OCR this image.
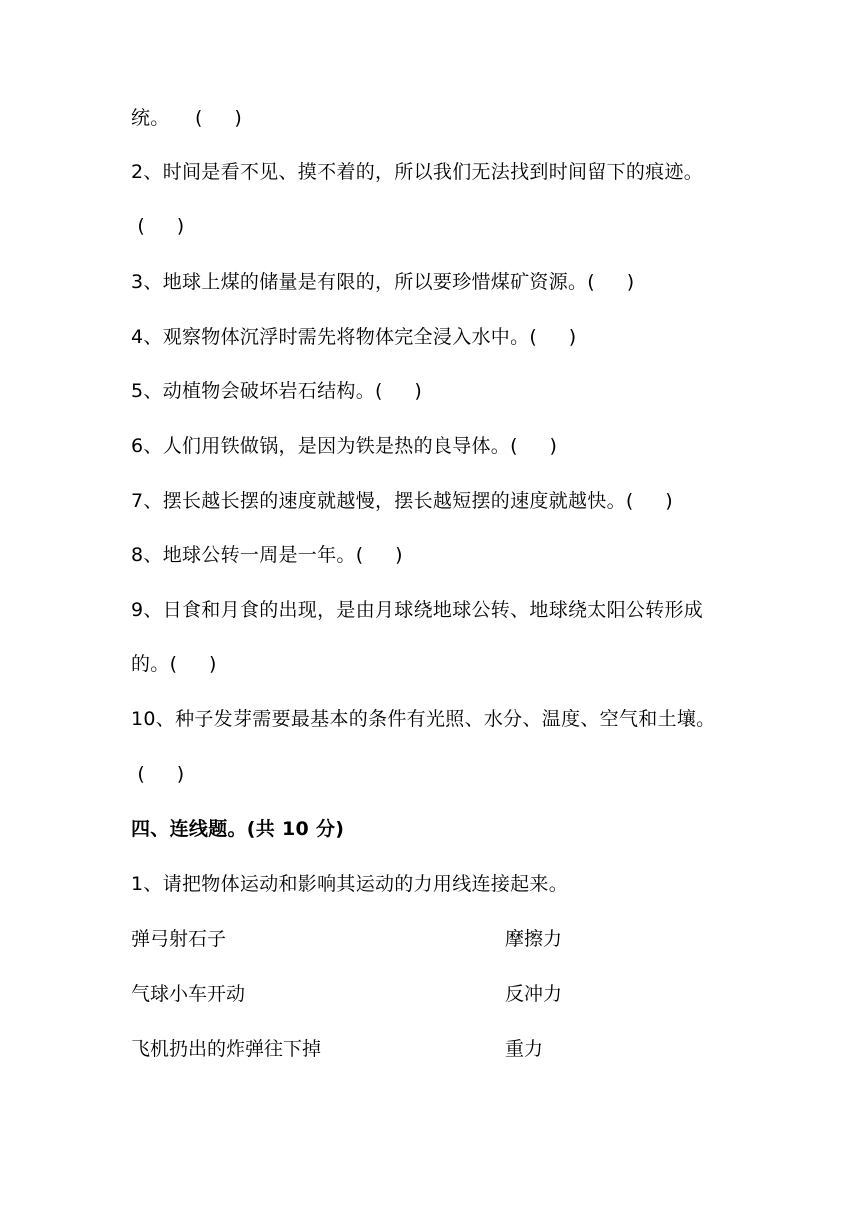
统。    (     )
2、时间是看不见、摸不着的，所以我们无法找到时间留下的痕迹。
(     )
3、地球上煤的储量是有限的，所以要珍惜煤矿资源。(     )
4、观察物体沉浮时需先将物体完全浸入水中。(     )
5、动植物会破坏岩石结构。(     )
6、人们用铁做锅，是因为铁是热的良导体。(     )
7、摆长越长摆的速度就越慢，摆长越短摆的速度就越快。(     )
8、地球公转一周是一年。(     )
9、日食和月食的出现，是由月球绕地球公转、地球绕太阳公转形成
的。(     )
10、种子发芽需要最基本的条件有光照、水分、温度、空气和土壤。
(     )
四、连线题。(共 10 分)
1、请把物体运动和影响其运动的力用线连接起来。
弹弓射石子	摩擦力
气球小车开动	反冲力
飞机扔出的炸弹往下掉	重力
